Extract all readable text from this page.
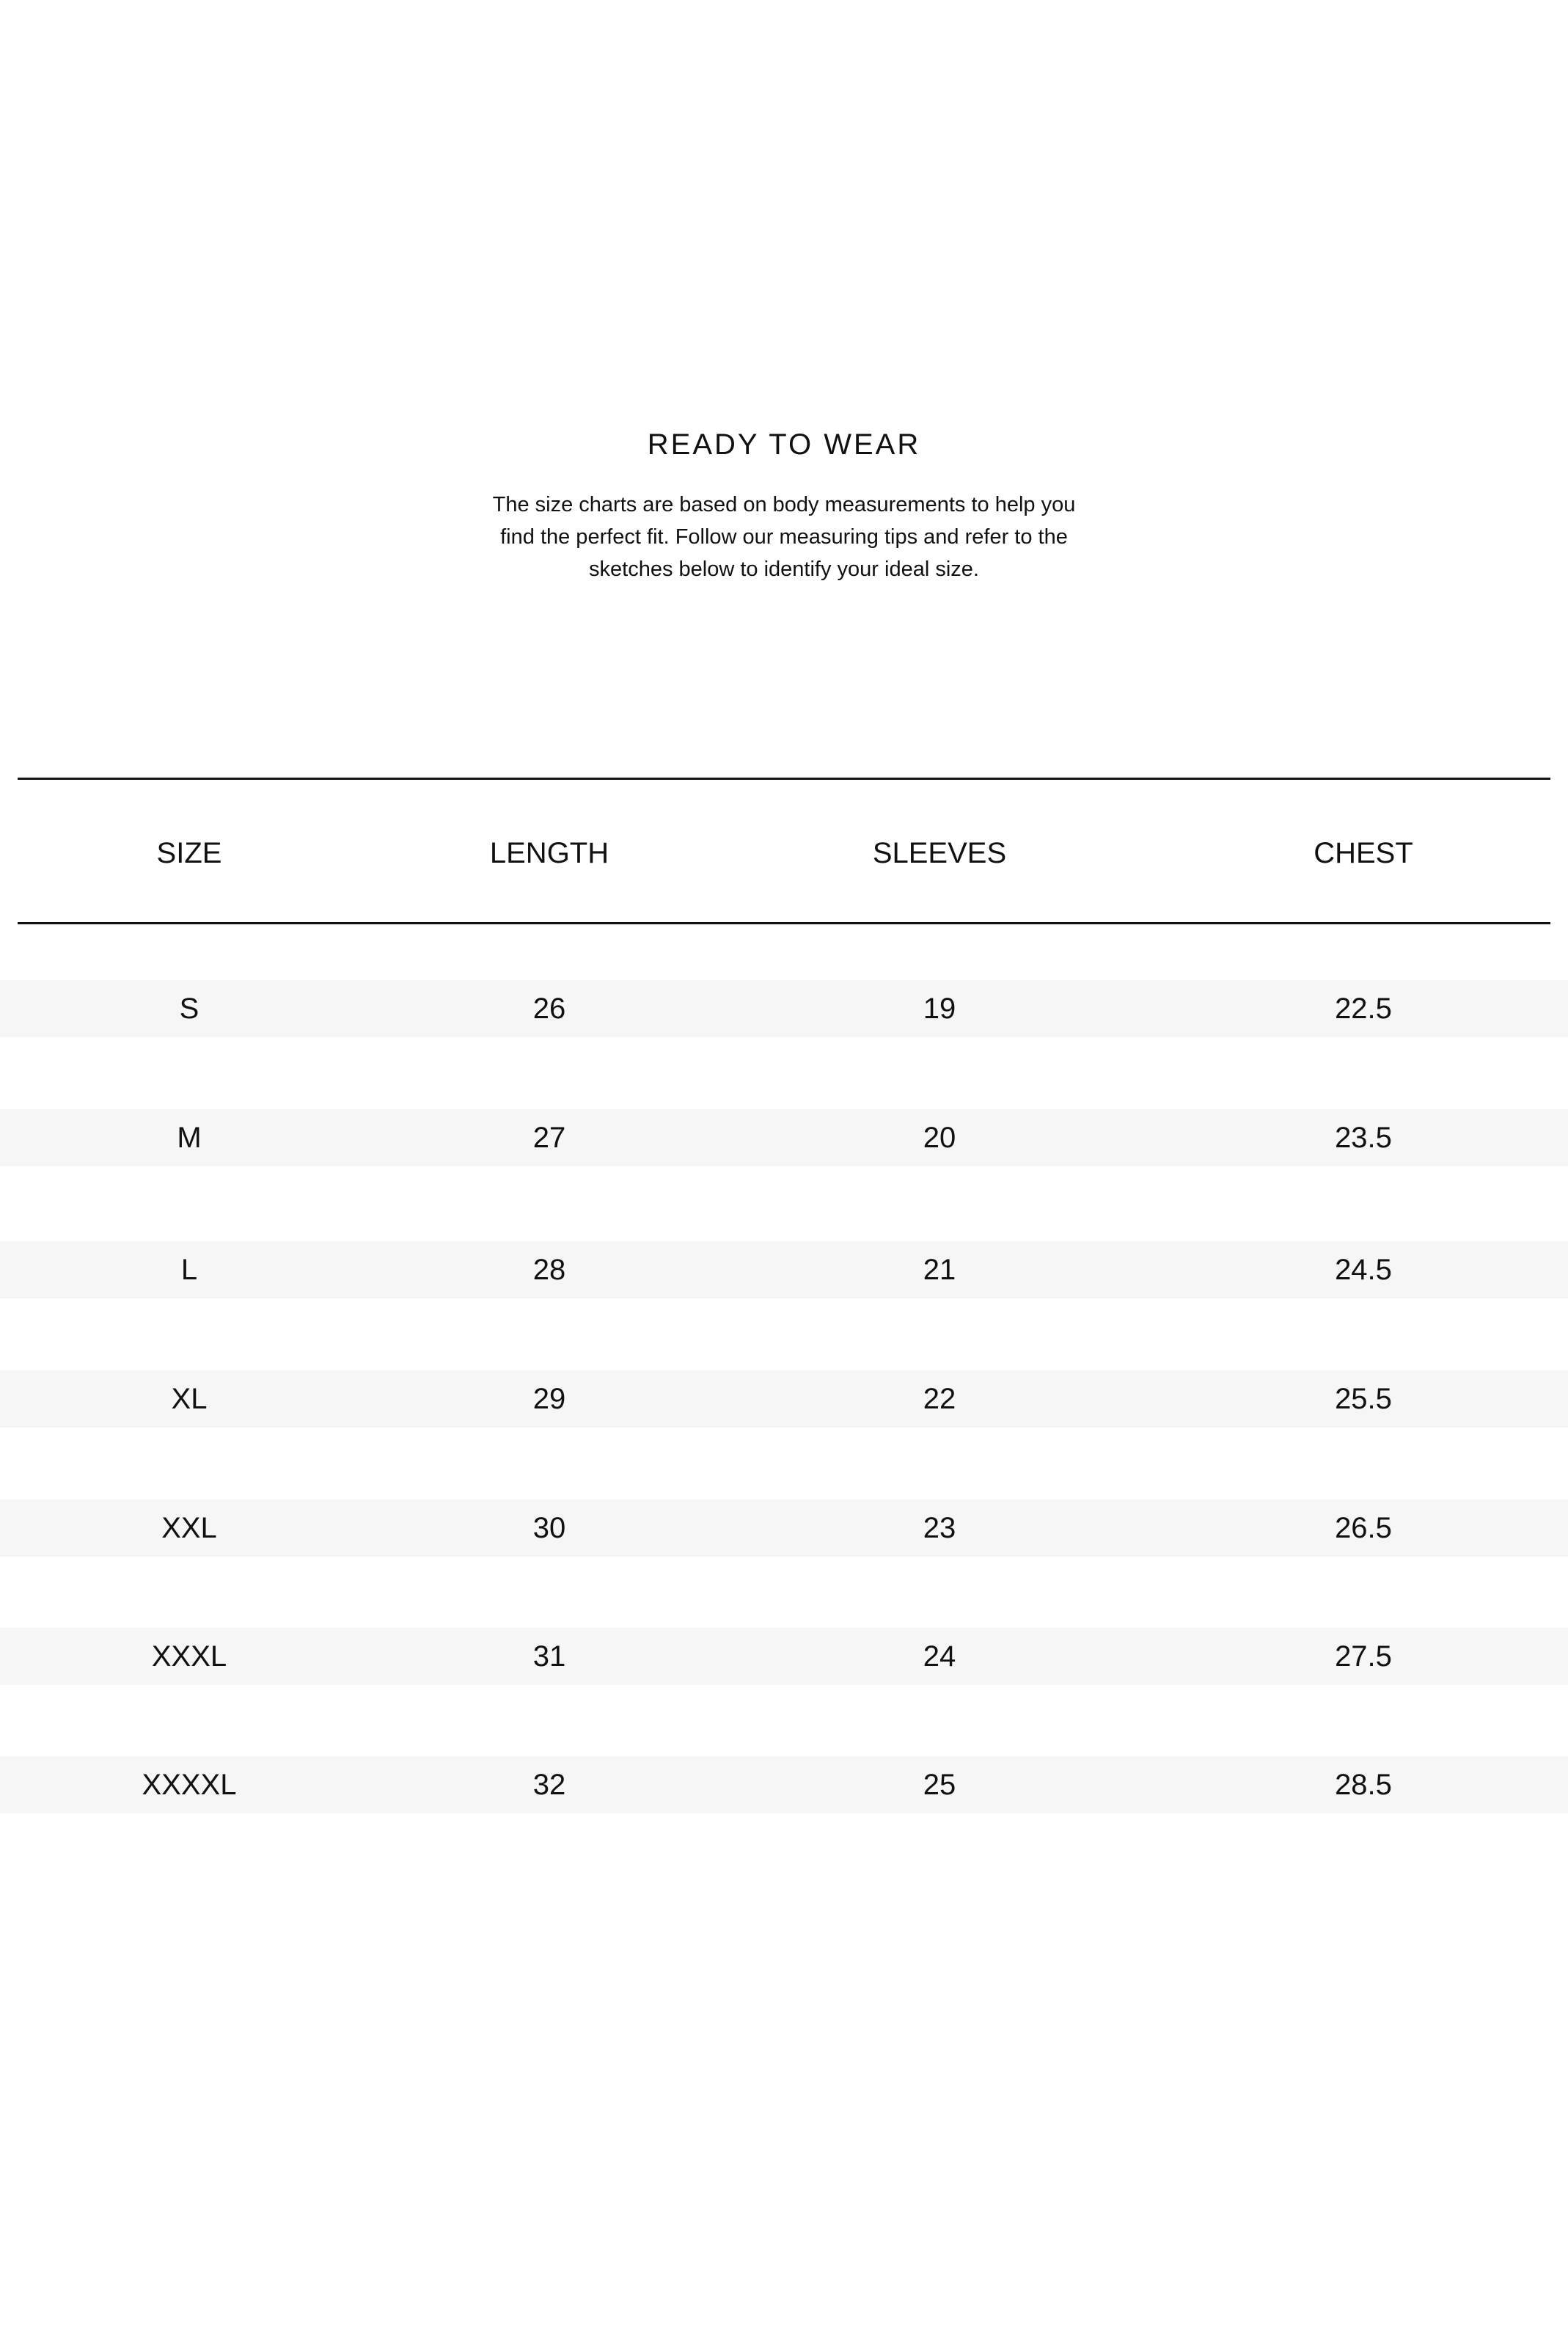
READY TO WEAR

The size charts are based on body measurements to help you find the perfect fit. Follow our measuring tips and refer to the sketches below to identify your ideal size.

SIZE	LENGTH	SLEEVES	CHEST
S	26	19	22.5
M	27	20	23.5
L	28	21	24.5
XL	29	22	25.5
XXL	30	23	26.5
XXXL	31	24	27.5
XXXXL	32	25	28.5
